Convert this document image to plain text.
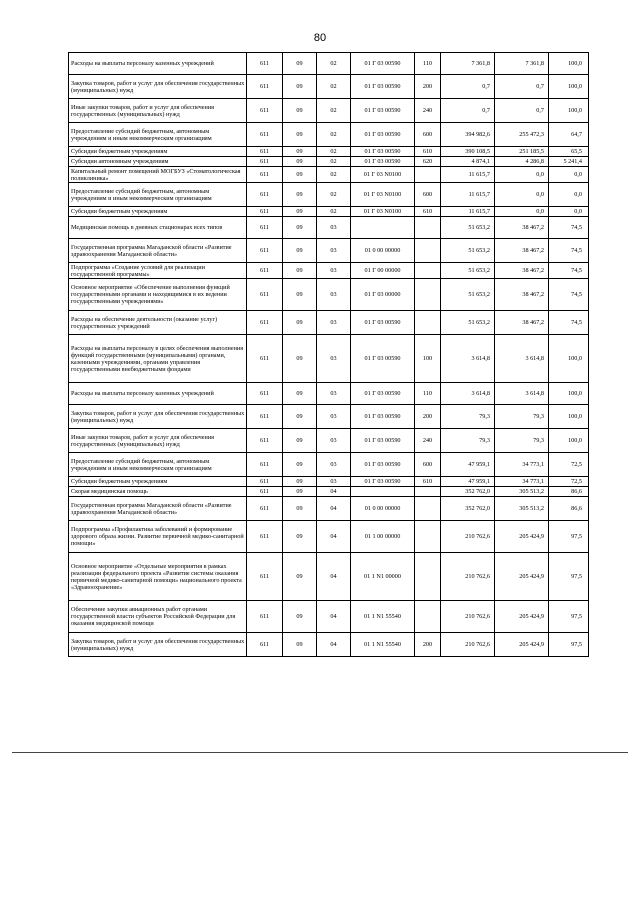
80
Расходы на выплаты персоналу казенных учреждений	611	09	02	01 Г 03 00590	110	7 361,8	7 361,8	100,0
Закупка товаров, работ и услуг для обеспечения государственных (муниципальных) нужд	611	09	02	01 Г 03 00590	200	0,7	0,7	100,0
Иные закупки товаров, работ и услуг для обеспечения государственных (муниципальных) нужд	611	09	02	01 Г 03 00590	240	0,7	0,7	100,0
Предоставление субсидий бюджетным, автономным учреждениям и иным некоммерческим организациям	611	09	02	01 Г 03 00590	600	394 982,6	255 472,3	64,7
Субсидии бюджетным учреждениям	611	09	02	01 Г 03 00590	610	390 108,5	251 185,5	65,5
Субсидии автономным учреждениям	611	09	02	01 Г 03 00590	620	4 874,1	4 286,8	5 241,4
Капитальный ремонт помещений МОГБУЗ «Стоматологическая поликлиника»	611	09	02	01 Г 03 N0100		11 615,7	0,0	0,0
Предоставление субсидий бюджетным, автономным учреждениям и иным некоммерческим организациям	611	09	02	01 Г 03 N0100	600	11 615,7	0,0	0,0
Субсидии бюджетным учреждениям	611	09	02	01 Г 03 N0100	610	11 615,7	0,0	0,0
Медицинская помощь в дневных стационарах всех типов	611	09	03			51 653,2	38 467,2	74,5
Государственная программа Магаданской области «Развитие здравоохранения Магаданской области»	611	09	03	01 0 00 00000		51 653,2	38 467,2	74,5
Подпрограмма «Создание условий для реализации государственной программы»	611	09	03	01 Г 00 00000		51 653,2	38 467,2	74,5
Основное мероприятие «Обеспечение выполнения функций государственными органами и находящимися в их ведении государственными учреждениями»	611	09	03	01 Г 03 00000		51 653,2	38 467,2	74,5
Расходы на обеспечение деятельности (оказание услуг) государственных учреждений	611	09	03	01 Г 03 00590		51 653,2	38 467,2	74,5
Расходы на выплаты персоналу в целях обеспечения выполнения функций государственными (муниципальными) органами, казенными учреждениями, органами управления государственными внебюджетными фондами	611	09	03	01 Г 03 00590	100	3 614,8	3 614,8	100,0
Расходы на выплаты персоналу казенных учреждений	611	09	03	01 Г 03 00590	110	3 614,8	3 614,8	100,0
Закупка товаров, работ и услуг для обеспечения государственных (муниципальных) нужд	611	09	03	01 Г 03 00590	200	79,3	79,3	100,0
Иные закупки товаров, работ и услуг для обеспечения государственных (муниципальных) нужд	611	09	03	01 Г 03 00590	240	79,3	79,3	100,0
Предоставление субсидий бюджетным, автономным учреждениям и иным некоммерческим организациям	611	09	03	01 Г 03 00590	600	47 959,1	34 773,1	72,5
Субсидии бюджетным учреждениям	611	09	03	01 Г 03 00590	610	47 959,1	34 773,1	72,5
Скорая медицинская помощь	611	09	04			352 762,0	305 513,2	86,6
Государственная программа Магаданской области «Развитие здравоохранения Магаданской области»	611	09	04	01 0 00 00000		352 762,0	305 513,2	86,6
Подпрограмма «Профилактика заболеваний и формирование здорового образа жизни. Развитие первичной медико-санитарной помощи»	611	09	04	01 1 00 00000		210 762,6	205 424,9	97,5
Основное мероприятие «Отдельные мероприятия в рамках реализации федерального проекта «Развитие системы оказания первичной медико-санитарной помощи» национального проекта «Здравоохранение»	611	09	04	01 1 N1 00000		210 762,6	205 424,9	97,5
Обеспечение закупки авиационных работ органами государственной власти субъектов Российской Федерации для оказания медицинской помощи	611	09	04	01 1 N1 55540		210 762,6	205 424,9	97,5
Закупка товаров, работ и услуг для обеспечения государственных (муниципальных) нужд	611	09	04	01 1 N1 55540	200	210 762,6	205 424,9	97,5
